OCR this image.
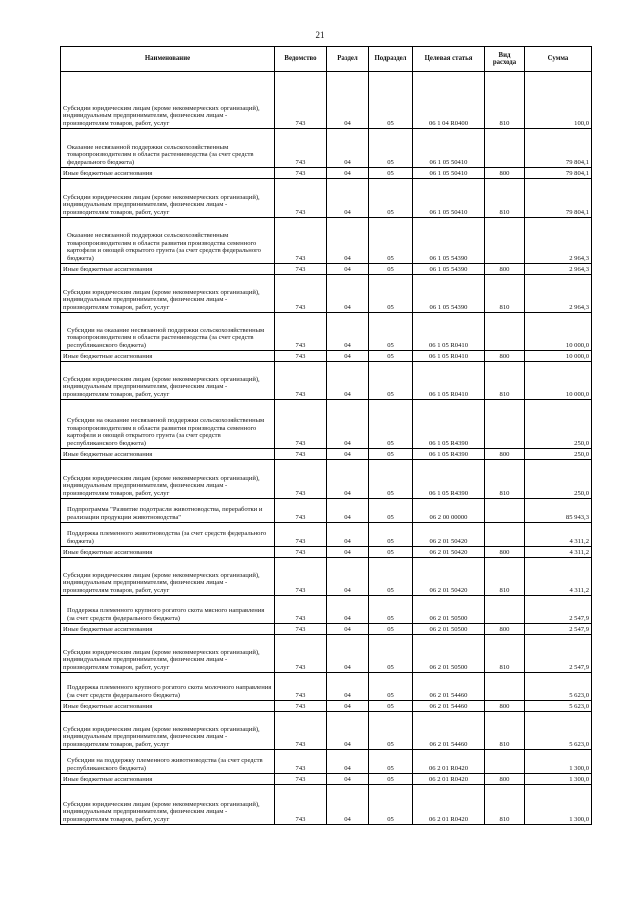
21
Наименование	Ведомство	Раздел	Подраздел	Целевая статья	Вид расхода	Сумма
Субсидии юридическим лицам (кроме некоммерческих организаций), индивидуальным предпринимателям, физическим лицам - производителям товаров, работ, услуг	743	04	05	06 1 04 R0400	810	100,0
Оказание несвязанной поддержки сельскохозяйственным товаропроизводителям в области растениеводства (за счет средств федерального бюджета)	743	04	05	06 1 05 50410		79 804,1
Иные бюджетные ассигнования	743	04	05	06 1 05 50410	800	79 804,1
Субсидии юридическим лицам (кроме некоммерческих организаций), индивидуальным предпринимателям, физическим лицам - производителям товаров, работ, услуг	743	04	05	06 1 05 50410	810	79 804,1
Оказание несвязанной поддержки сельскохозяйственным товаропроизводителям в области развития производства семенного картофеля и овощей открытого грунта (за счет средств федерального бюджета)	743	04	05	06 1 05 54390		2 964,3
Иные бюджетные ассигнования	743	04	05	06 1 05 54390	800	2 964,3
Субсидии юридическим лицам (кроме некоммерческих организаций), индивидуальным предпринимателям, физическим лицам - производителям товаров, работ, услуг	743	04	05	06 1 05 54390	810	2 964,3
Субсидии на оказание несвязанной поддержки сельскохозяйственным товаропроизводителям в области растениеводства (за счет средств республиканского бюджета)	743	04	05	06 1 05 R0410		10 000,0
Иные бюджетные ассигнования	743	04	05	06 1 05 R0410	800	10 000,0
Субсидии юридическим лицам (кроме некоммерческих организаций), индивидуальным предпринимателям, физическим лицам - производителям товаров, работ, услуг	743	04	05	06 1 05 R0410	810	10 000,0
Субсидии на оказание несвязанной поддержки сельскохозяйственным товаропроизводителям в области развития производства семенного картофеля и овощей открытого грунта (за счет средств республиканского бюджета)	743	04	05	06 1 05 R4390		250,0
Иные бюджетные ассигнования	743	04	05	06 1 05 R4390	800	250,0
Субсидии юридическим лицам (кроме некоммерческих организаций), индивидуальным предпринимателям, физическим лицам - производителям товаров, работ, услуг	743	04	05	06 1 05 R4390	810	250,0
Подпрограмма "Развитие подотрасли животноводства, переработки и реализации продукции животноводства"	743	04	05	06 2 00 00000		85 943,3
Поддержка племенного животноводства (за счет средств федерального бюджета)	743	04	05	06 2 01 50420		4 311,2
Иные бюджетные ассигнования	743	04	05	06 2 01 50420	800	4 311,2
Субсидии юридическим лицам (кроме некоммерческих организаций), индивидуальным предпринимателям, физическим лицам - производителям товаров, работ, услуг	743	04	05	06 2 01 50420	810	4 311,2
Поддержка племенного крупного рогатого скота мясного направления (за счет средств федерального бюджета)	743	04	05	06 2 01 50500		2 547,9
Иные бюджетные ассигнования	743	04	05	06 2 01 50500	800	2 547,9
Субсидии юридическим лицам (кроме некоммерческих организаций), индивидуальным предпринимателям, физическим лицам - производителям товаров, работ, услуг	743	04	05	06 2 01 50500	810	2 547,9
Поддержка племенного крупного рогатого скота молочного направления (за счет средств федерального бюджета)	743	04	05	06 2 01 54460		5 623,0
Иные бюджетные ассигнования	743	04	05	06 2 01 54460	800	5 623,0
Субсидии юридическим лицам (кроме некоммерческих организаций), индивидуальным предпринимателям, физическим лицам - производителям товаров, работ, услуг	743	04	05	06 2 01 54460	810	5 623,0
Субсидии на поддержку племенного животноводства (за счет средств республиканского бюджета)	743	04	05	06 2 01 R0420		1 300,0
Иные бюджетные ассигнования	743	04	05	06 2 01 R0420	800	1 300,0
Субсидии юридическим лицам (кроме некоммерческих организаций), индивидуальным предпринимателям, физическим лицам - производителям товаров, работ, услуг	743	04	05	06 2 01 R0420	810	1 300,0
